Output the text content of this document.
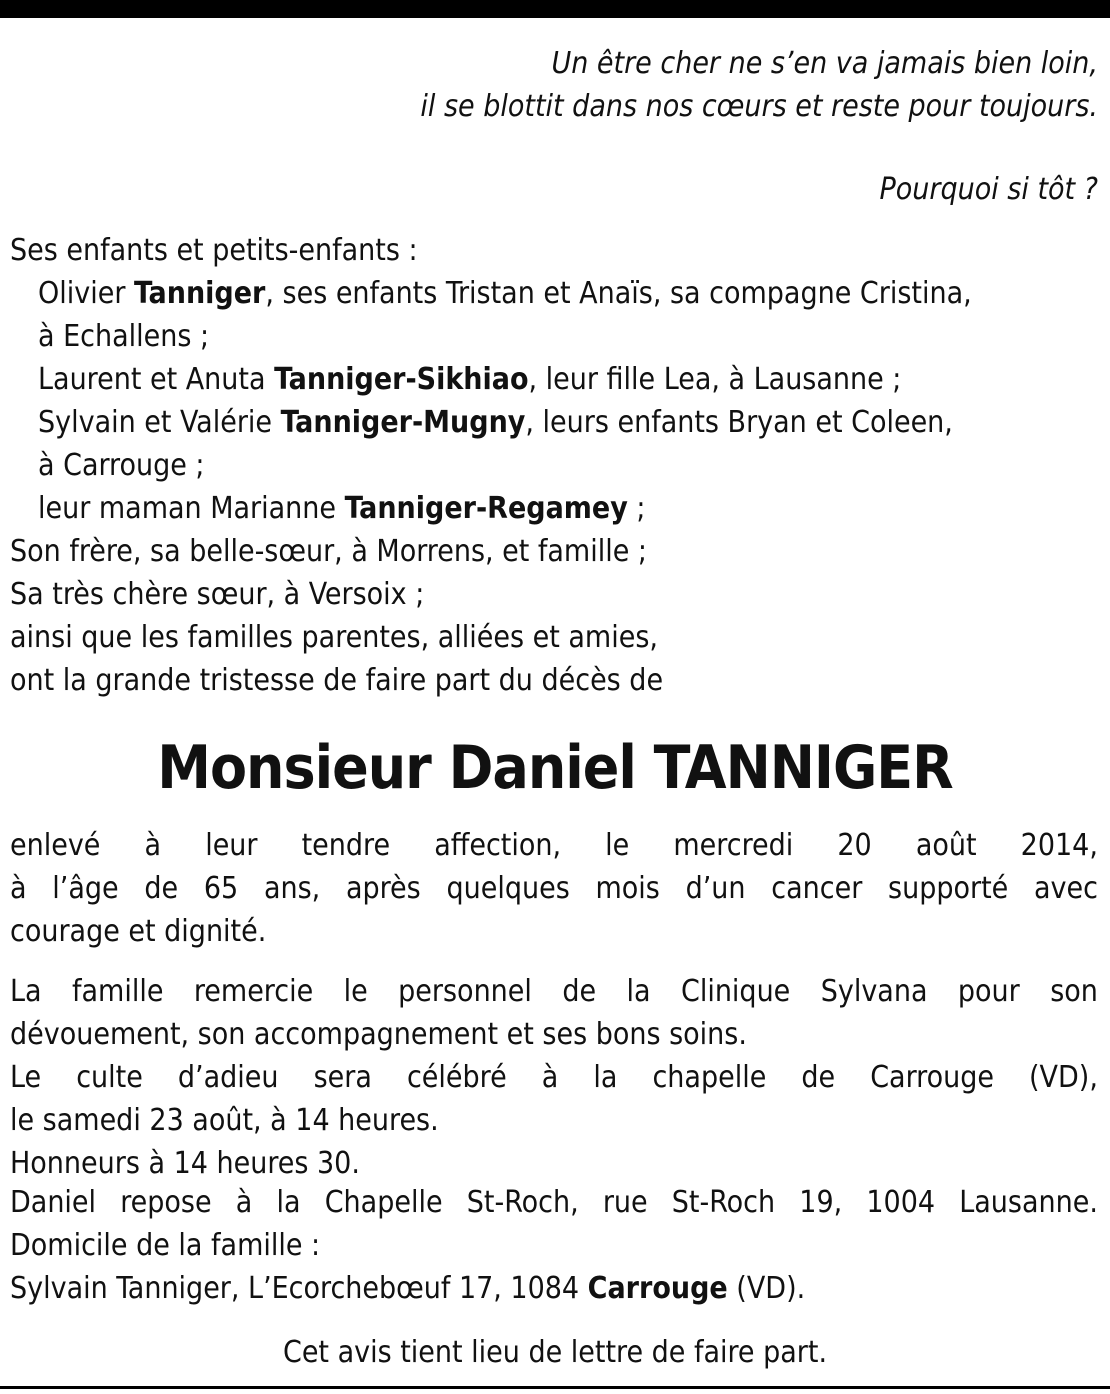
Un être cher ne s’en va jamais bien loin,
il se blottit dans nos cœurs et reste pour toujours.
Pourquoi si tôt ?
Ses enfants et petits-enfants :
Olivier Tanniger, ses enfants Tristan et Anaïs, sa compagne Cristina,
à Echallens ;
Laurent et Anuta Tanniger-Sikhiao, leur fille Lea, à Lausanne ;
Sylvain et Valérie Tanniger-Mugny, leurs enfants Bryan et Coleen,
à Carrouge ;
leur maman Marianne Tanniger-Regamey ;
Son frère, sa belle-sœur, à Morrens, et famille ;
Sa très chère sœur, à Versoix ;
ainsi que les familles parentes, alliées et amies,
ont la grande tristesse de faire part du décès de
Monsieur Daniel TANNIGER
enlevé à leur tendre affection, le mercredi 20 août 2014,
à l’âge de 65 ans, après quelques mois d’un cancer supporté avec
courage et dignité.
La famille remercie le personnel de la Clinique Sylvana pour son
dévouement, son accompagnement et ses bons soins.
Le culte d’adieu sera célébré à la chapelle de Carrouge (VD),
le samedi 23 août, à 14 heures.
Honneurs à 14 heures 30.
Daniel repose à la Chapelle St-Roch, rue St-Roch 19, 1004 Lausanne.
Domicile de la famille :
Sylvain Tanniger, L’Ecorchebœuf 17, 1084 Carrouge (VD).
Cet avis tient lieu de lettre de faire part.
